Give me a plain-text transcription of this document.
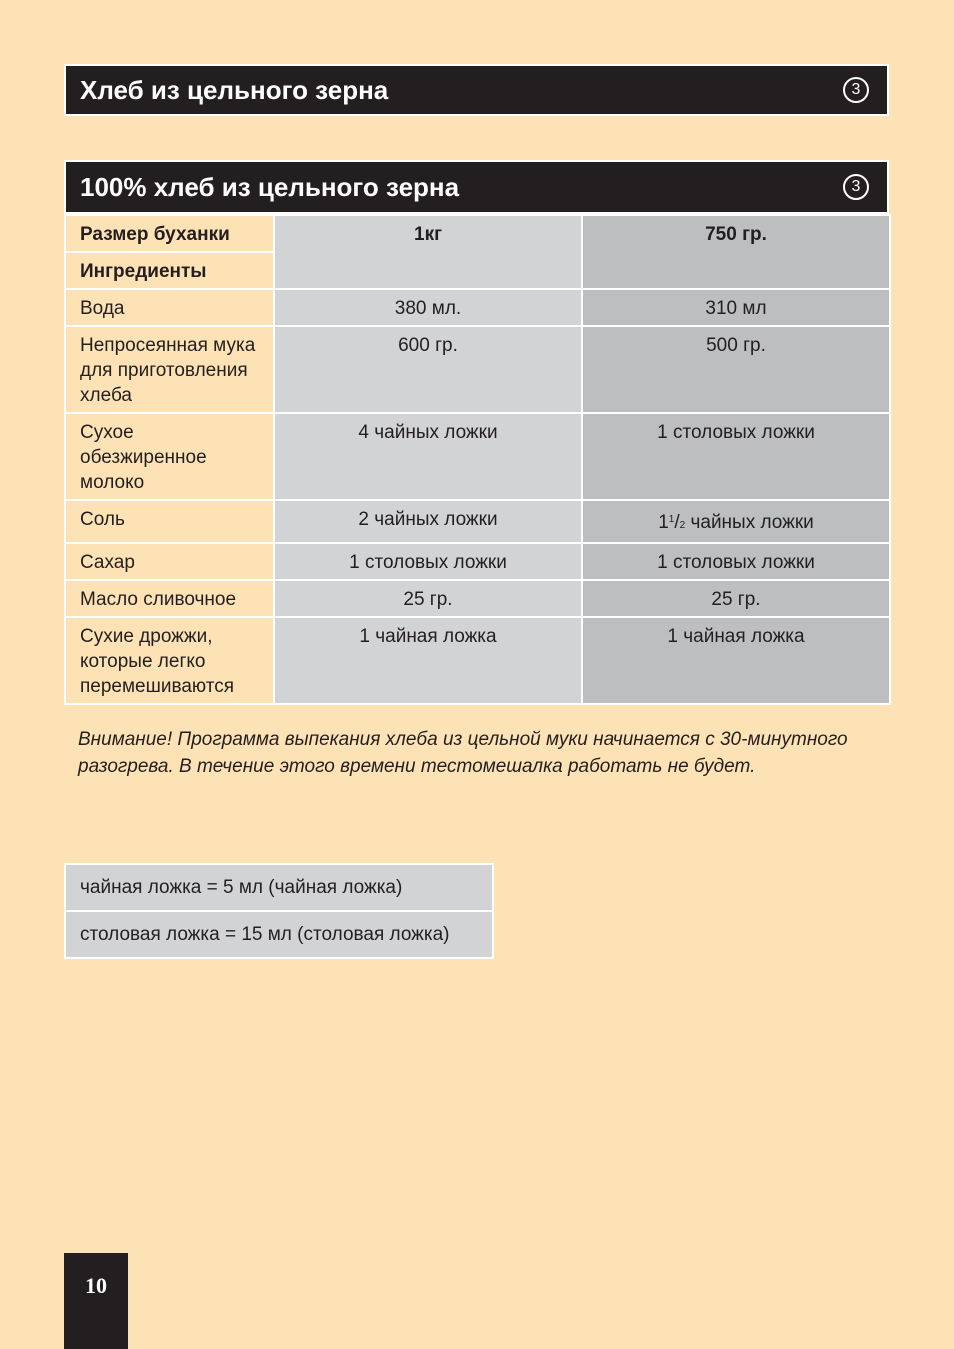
Хлеб из цельного зерна	3
100% хлеб из цельного зерна	3
Размер буханки	1кг	750 гр.
Ингредиенты		
Вода	380 мл.	310 мл
Непросеянная мука для приготовления хлеба	600 гр.	500 гр.
Сухое обезжиренное молоко	4 чайных ложки	1 столовых ложки
Соль	2 чайных ложки	$1^1/2$ чайных ложки
Сахар	1 столовых ложки	1 столовых ложки
Масло сливочное	25 гр.	25 гр.
Сухие дрожжи, которые легко перемешиваются	1 чайная ложка	1 чайная ложка
Внимание! Программа выпекания хлеба из цельной муки начинается с 30-минутного разогрева. В течение этого времени тестомешалка работать не будет.
чайная ложка = 5 мл (чайная ложка)
столовая ложка = 15 мл (столовая ложка)
10
